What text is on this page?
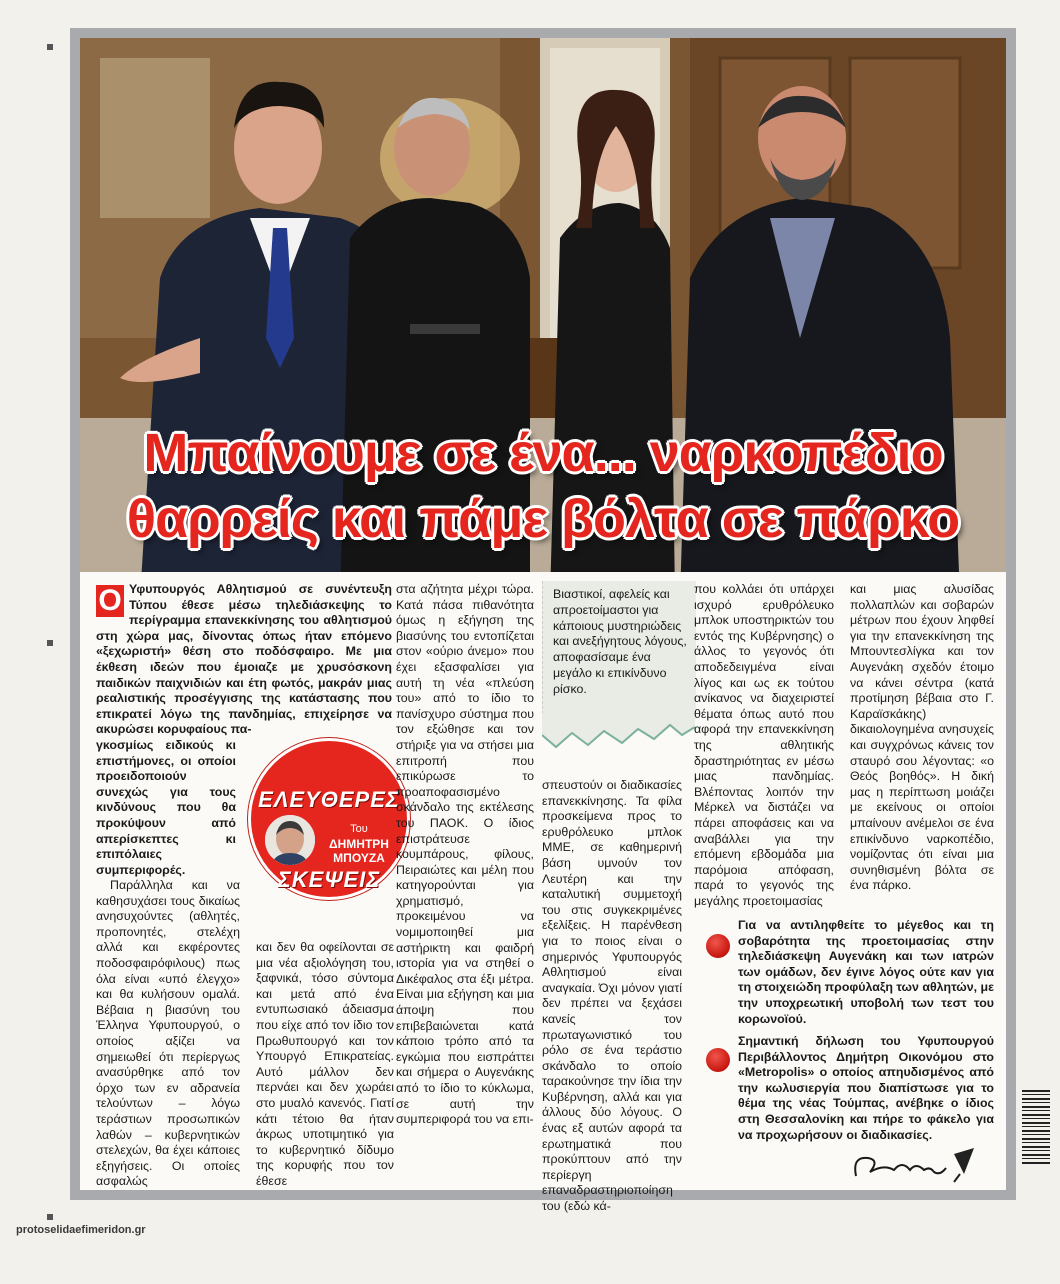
Μπαίνουμε σε ένα... ναρκοπέδιο
θαρρείς και πάμε βόλτα σε πάρκο
Ο Υφυπουργός Αθλητισμού σε συνέντευξη Τύπου έθεσε μέσω τηλεδιάσκεψης το περίγραμμα επανεκκίνησης του αθλητισμού στη χώρα μας, δίνοντας όπως ήταν επόμενο «ξεχωριστή» θέση στο ποδόσφαιρο. Με μια έκθεση ιδεών που έμοιαζε με χρυσόσκονη παιδικών παιχνιδιών και έτη φωτός, μακράν μιας ρεαλιστικής προσέγγισης της κατάστασης που επικρατεί λόγω της πανδημίας, επιχείρησε να ακυρώσει κορυφαίους πα-

γκοσμίως ειδικούς κι επιστήμονες, οι οποίοι προειδοποιούν συνεχώς για τους κινδύνους που θα προκύψουν από απερίσκεπτες κι επιπόλαιες συμπεριφορές.

Παράλληλα και να καθησυχάσει τους δικαίως ανησυχούντες (αθλητές, προπονητές, στελέχη αλλά και εκφέροντες ποδοσφαιρόφιλους) πως όλα είναι «υπό έλεγχο» και θα κυλήσουν ομαλά. Βέβαια η βιασύνη του Έλληνα Υφυπουργού, ο οποίος αξίζει να σημειωθεί ότι περίεργως ανασύρθηκε από τον όρχο των εν αδρανεία τελούντων – λόγω τεράστιων προσωπικών λαθών – κυβερνητικών στελεχών, θα έχει κάποιες εξηγήσεις. Οι οποίες ασφαλώς

ΕΛΕΥΘΕΡΕΣ
Του
ΔΗΜΗΤΡΗ ΜΠΟΥΖΑ
ΣΚΕΨΕΙΣ

στα αζήτητα μέχρι τώρα. Κατά πάσα πιθανότητα όμως η εξήγηση της βιασύνης του εντοπίζεται στον «ούριο άνεμο» που έχει εξασφαλίσει για αυτή τη νέα «πλεύση του» από το ίδιο το πανίσχυρο σύστημα που τον εξώθησε και τον στήριξε για να στήσει μια επιτροπή που επικύρωσε το προαποφασισμένο σκάνδαλο της εκτέλεσης του ΠΑΟΚ. Ο ίδιος επιστράτευσε κουμπάρους, φίλους, Πειραιώτες και μέλη που κατηγορούνται για χρηματισμό, προκειμένου να νομιμοποιηθεί μια αστήρικτη και φαιδρή ιστορία για να στηθεί ο Δικέφαλος στα έξι μέτρα. Είναι μια εξήγηση και μια άποψη που επιβεβαιώνεται κατά κάποιο τρόπο από τα εγκώμια που εισπράττει και σήμερα ο Αυγενάκης από το ίδιο το κύκλωμα, σε αυτή την συμπεριφορά του να επι-

και δεν θα οφείλονται σε μια νέα αξιολόγηση του, ξαφνικά, τόσο σύντομα και μετά από ένα εντυπωσιακό άδειασμα που είχε από τον ίδιο τον Πρωθυπουργό και τον Υπουργό Επικρατείας. Αυτό μάλλον δεν περνάει και δεν χωράει στο μυαλό κανενός. Γιατί κάτι τέτοιο θα ήταν άκρως υποτιμητικό για το κυβερνητικό δίδυμο της κορυφής που τον έθεσε

Βιαστικοί, αφελείς και απροετοίμαστοι για κάποιους μυστηριώδεις και ανεξήγητους λόγους, αποφασίσαμε ένα μεγάλο κι επικίνδυνο ρίσκο.

σπευστούν οι διαδικασίες επανεκκίνησης. Τα φίλα προσκείμενα προς το ερυθρόλευκο μπλοκ ΜΜΕ, σε καθημερινή βάση υμνούν τον Λευτέρη και την καταλυτική συμμετοχή του στις συγκεκριμένες εξελίξεις. Η παρένθεση για το ποιος είναι ο σημερινός Υφυπουργός Αθλητισμού είναι αναγκαία. Όχι μόνον γιατί δεν πρέπει να ξεχάσει κανείς τον πρωταγωνιστικό του ρόλο σε ένα τεράστιο σκάνδαλο το οποίο ταρακούνησε την ίδια την Κυβέρνηση, αλλά και για άλλους δύο λόγους. Ο ένας εξ αυτών αφορά τα ερωτηματικά που προκύπτουν από την περίεργη επαναδραστηριοποίηση του (εδώ κά-

που κολλάει ότι υπάρχει ισχυρό ερυθρόλευκο μπλοκ υποστηρικτών του εντός της Κυβέρνησης) ο άλλος το γεγονός ότι αποδεδειγμένα είναι λίγος και ως εκ τούτου ανίκανος να διαχειριστεί θέματα όπως αυτό που αφορά την επανεκκίνηση της αθλητικής δραστηριότητας εν μέσω μιας πανδημίας. Βλέποντας λοιπόν την Μέρκελ να διστάζει να πάρει αποφάσεις και να αναβάλλει για την επόμενη εβδομάδα μια παρόμοια απόφαση, παρά το γεγονός της μεγάλης προετοιμασίας

και μιας αλυσίδας πολλαπλών και σοβαρών μέτρων που έχουν ληφθεί για την επανεκκίνηση της Μπουντεσλίγκα και τον Αυγενάκη σχεδόν έτοιμο να κάνει σέντρα (κατά προτίμηση βέβαια στο Γ. Καραϊσκάκης) δικαιολογημένα ανησυχείς και συγχρόνως κάνεις τον σταυρό σου λέγοντας: «ο Θεός βοηθός». Η δική μας η περίπτωση μοιάζει με εκείνους οι οποίοι μπαίνουν ανέμελοι σε ένα επικίνδυνο ναρκοπέδιο, νομίζοντας ότι είναι μια συνηθισμένη βόλτα σε ένα πάρκο.

Για να αντιληφθείτε το μέγεθος και τη σοβαρότητα της προετοιμασίας στην τηλεδιάσκεψη Αυγενάκη και των ιατρών των ομάδων, δεν έγινε λόγος ούτε καν για τη στοιχειώδη προφύλαξη των αθλητών, με την υποχρεωτική υποβολή των τεστ του κορωνοϊού.

Σημαντική δήλωση του Υφυπουργού Περιβάλλοντος Δημήτρη Οικονόμου στο «Metropolis» ο οποίος απηυδισμένος από την κωλυσιεργία που διαπίστωσε για το θέμα της νέας Τούμπας, ανέβηκε ο ίδιος στη Θεσσαλονίκη και πήρε το φάκελο για να προχωρήσουν οι διαδικασίες.

protoselidaefimeridon.gr
